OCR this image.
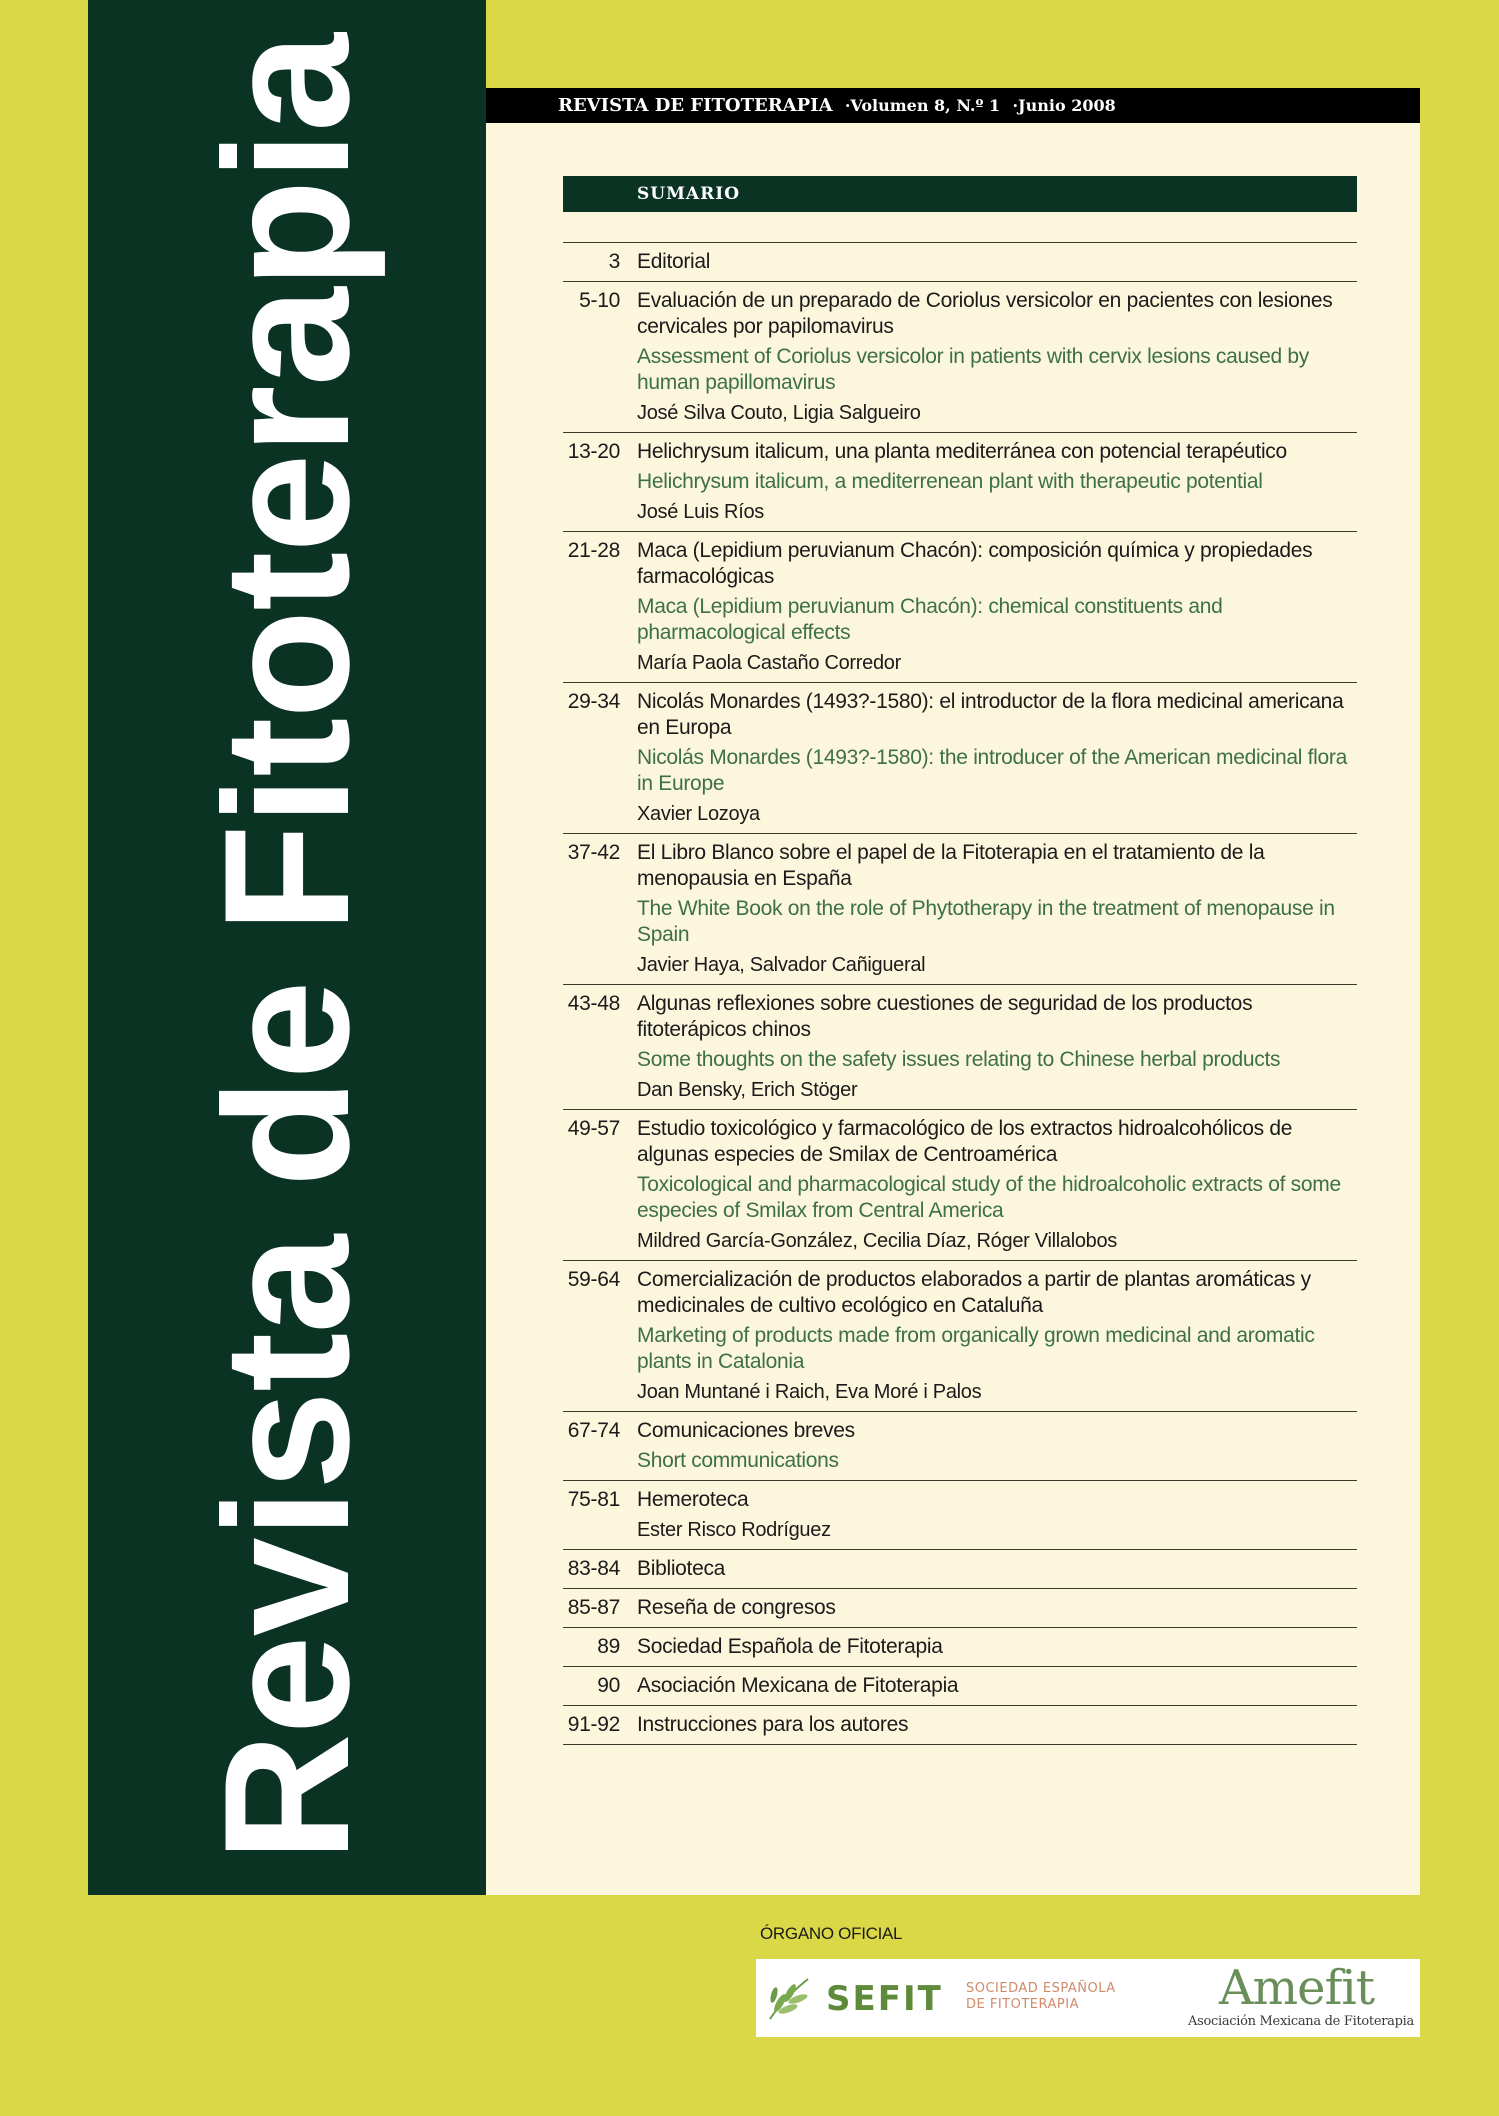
Revista de Fitoterapia	REVISTA DE FITOTERAPIA ·Volumen 8, N.º 1 ·Junio 2008
SUMARIO
3 Editorial
5-10 Evaluación de un preparado de Coriolus versicolor en pacientes con lesiones cervicales por papilomavirus
Assessment of Coriolus versicolor in patients with cervix lesions caused by human papillomavirus
José Silva Couto, Ligia Salgueiro
13-20 Helichrysum italicum, una planta mediterránea con potencial terapéutico
Helichrysum italicum, a mediterrenean plant with therapeutic potential
José Luis Ríos
21-28 Maca (Lepidium peruvianum Chacón): composición química y propiedades farmacológicas
Maca (Lepidium peruvianum Chacón): chemical constituents and pharmacological effects
María Paola Castaño Corredor
29-34 Nicolás Monardes (1493?-1580): el introductor de la flora medicinal americana en Europa
Nicolás Monardes (1493?-1580): the introducer of the American medicinal flora in Europe
Xavier Lozoya
37-42 El Libro Blanco sobre el papel de la Fitoterapia en el tratamiento de la menopausia en España
The White Book on the role of Phytotherapy in the treatment of menopause in Spain
Javier Haya, Salvador Cañigueral
43-48 Algunas reflexiones sobre cuestiones de seguridad de los productos fitoterápicos chinos
Some thoughts on the safety issues relating to Chinese herbal products
Dan Bensky, Erich Stöger
49-57 Estudio toxicológico y farmacológico de los extractos hidroalcohólicos de algunas especies de Smilax de Centroamérica
Toxicological and pharmacological study of the hidroalcoholic extracts of some especies of Smilax from Central America
Mildred García-González, Cecilia Díaz, Róger Villalobos
59-64 Comercialización de productos elaborados a partir de plantas aromáticas y medicinales de cultivo ecológico en Cataluña
Marketing of products made from organically grown medicinal and aromatic plants in Catalonia
Joan Muntané i Raich, Eva Moré i Palos
67-74 Comunicaciones breves
Short communications
75-81 Hemeroteca
Ester Risco Rodríguez
83-84 Biblioteca
85-87 Reseña de congresos
89 Sociedad Española de Fitoterapia
90 Asociación Mexicana de Fitoterapia
91-92 Instrucciones para los autores
ÓRGANO OFICIAL
SEFIT SOCIEDAD ESPAÑOLA
DE FITOTERAPIA	Amefit
Asociación Mexicana de Fitoterapia
